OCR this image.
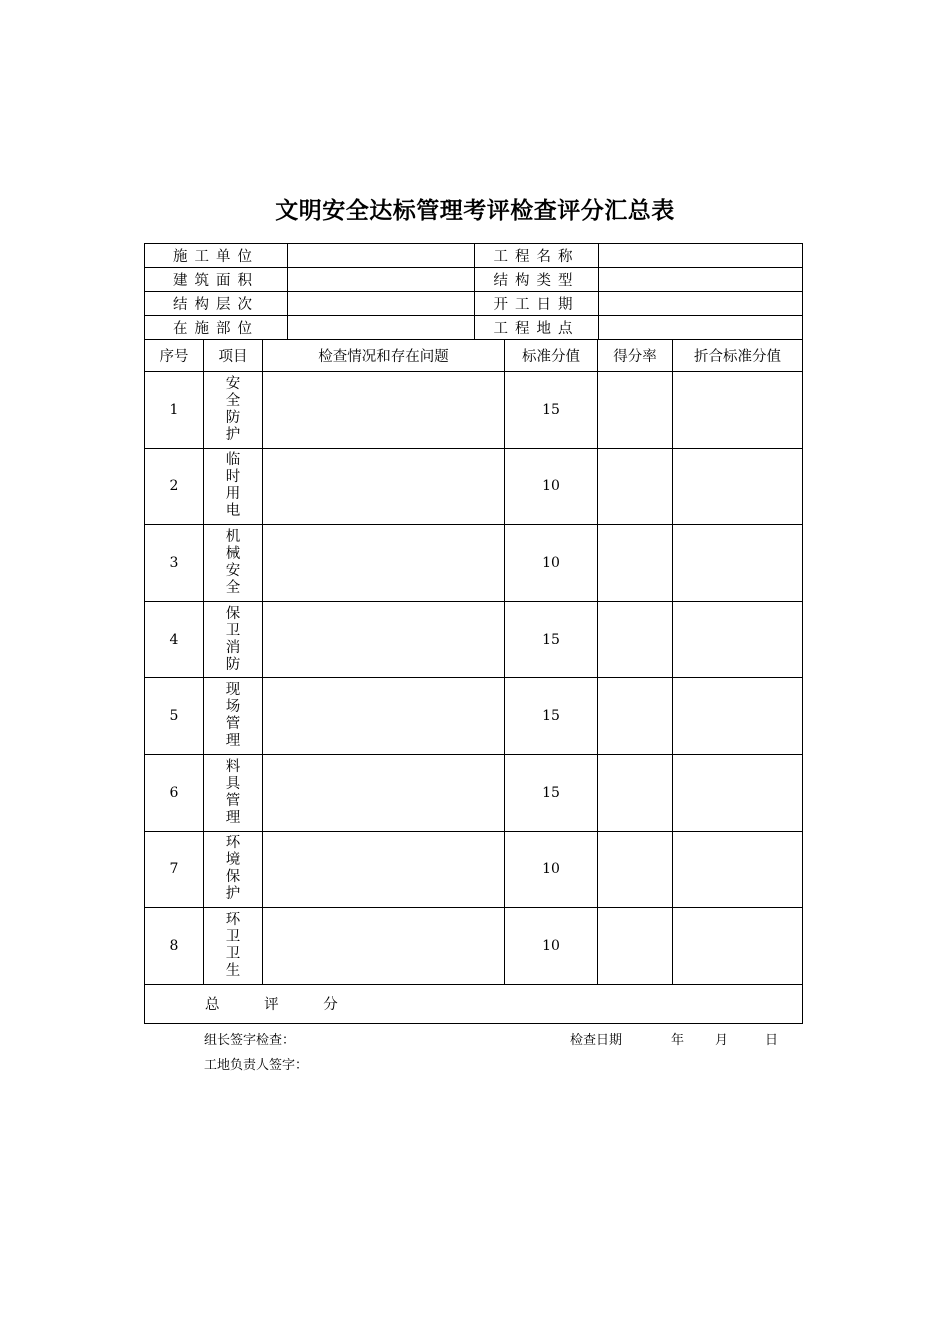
文明安全达标管理考评检查评分汇总表
施工单位		工程名称	
建筑面积		结构类型	
结构层次		开工日期	
在施部位		工程地点	
序号	项目	检查情况和存在问题	标准分值	得分率	折合标准分值
1	安全防护		15		
2	临时用电		10		
3	机械安全		10		
4	保卫消防		15		
5	现场管理		15		
6	料具管理		15		
7	环境保护		10		
8	环卫卫生		10		
总 评 分					
组长签字检查：	检查日期	年 月	日
工地负责人签字：
